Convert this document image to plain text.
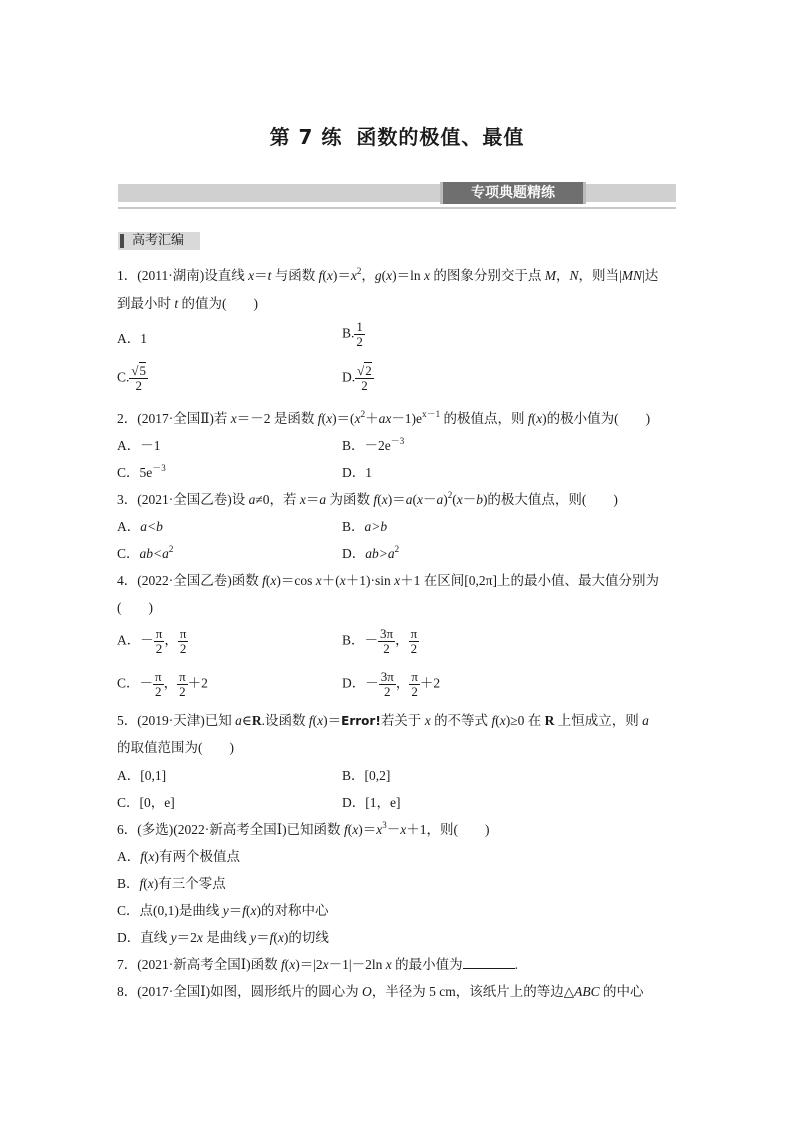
第 7 练 函数的极值、最值
专项典题精练
高考汇编
1．(2011·湖南)设直线 x＝t 与函数 $f(x)=x^2$，g(x)＝ln x 的图象分别交于点 M，N，则当|MN|达
到最小时 t 的值为(　　)
A．1	B. $\frac{1}{2}$
C. $\frac{√5}{2}$	D. $\frac{√2}{2}$
2．(2017·全国Ⅱ)若 x＝－2 是函数 $f(x)=(x^2+ax-1)e^{x-1}$ 的极值点，则 f(x)的极小值为(　　)
A．－1	B．$-2e^{-3}$
C．$5e^{-3}$	D．1
3．(2021·全国乙卷)设 a≠0，若 x＝a 为函数 $f(x)=a(x-a)^2(x-b)$的极大值点，则(　　)
A．a<b	B．a>b
C．$ab<a^2$	D．$ab>a^2$
4．(2022·全国乙卷)函数 f(x)＝cos x＋(x＋1)·sin x＋1 在区间[0,2π]上的最小值、最大值分别为
(　　)
A．－ $\frac{\pi}{2}$ ， $\frac{\pi}{2}$	B．－ $\frac{3\pi}{2}$ ， $\frac{\pi}{2}$
C．－ $\frac{\pi}{2}$ ， $\frac{\pi}{2} +2$	D．－ $\frac{3\pi}{2}$ ， $\frac{\pi}{2} +2$
5．(2019·天津)已知 a∈R.设函数 f(x)＝Error!若关于 x 的不等式 f(x)≥0 在 R 上恒成立，则 a
的取值范围为(　　)
A．[0,1]	B．[0,2]
C．[0，e]	D．[1，e]
6．(多选)(2022·新高考全国Ⅰ)已知函数 $f(x)=x^3-x+1$，则(　　)
A．f(x)有两个极值点
B．f(x)有三个零点
C．点(0,1)是曲线 y＝f(x)的对称中心
D．直线 y＝2x 是曲线 y＝f(x)的切线
7．(2021·新高考全国Ⅰ)函数 f(x)＝|2x－1|－2ln x 的最小值为	.
8．(2017·全国Ⅰ)如图，圆形纸片的圆心为 O，半径为 5 cm，该纸片上的等边△ABC 的中心
